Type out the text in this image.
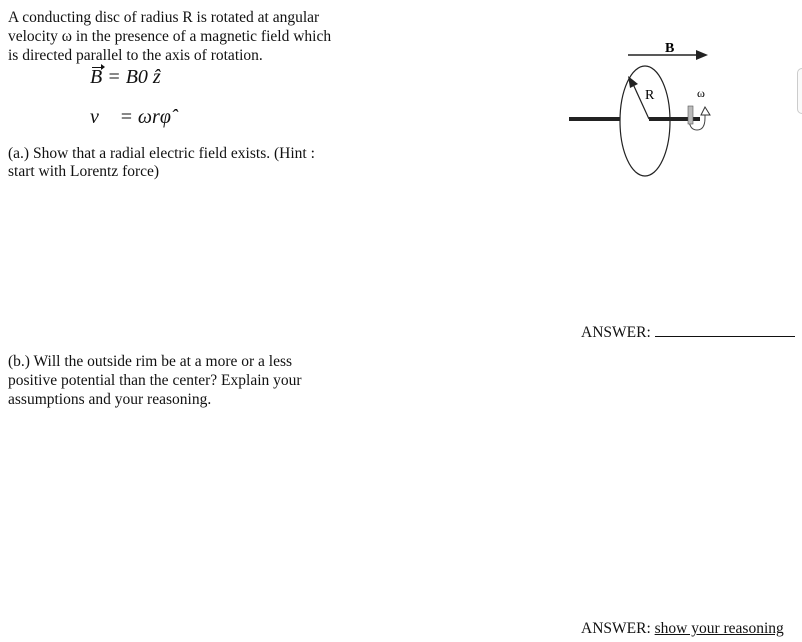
A conducting disc of radius R is rotated at angular
velocity ω in the presence of a magnetic field which
is directed parallel to the axis of rotation.
B = B0 ẑ
v⃗ = ωrφ̂
(a.) Show that a radial electric field exists. (Hint :
start with Lorentz force)
ANSWER:
(b.) Will the outside rim be at a more or a less
positive potential than the center? Explain your
assumptions and your reasoning.
ANSWER: show your reasoning
B
R	ω
